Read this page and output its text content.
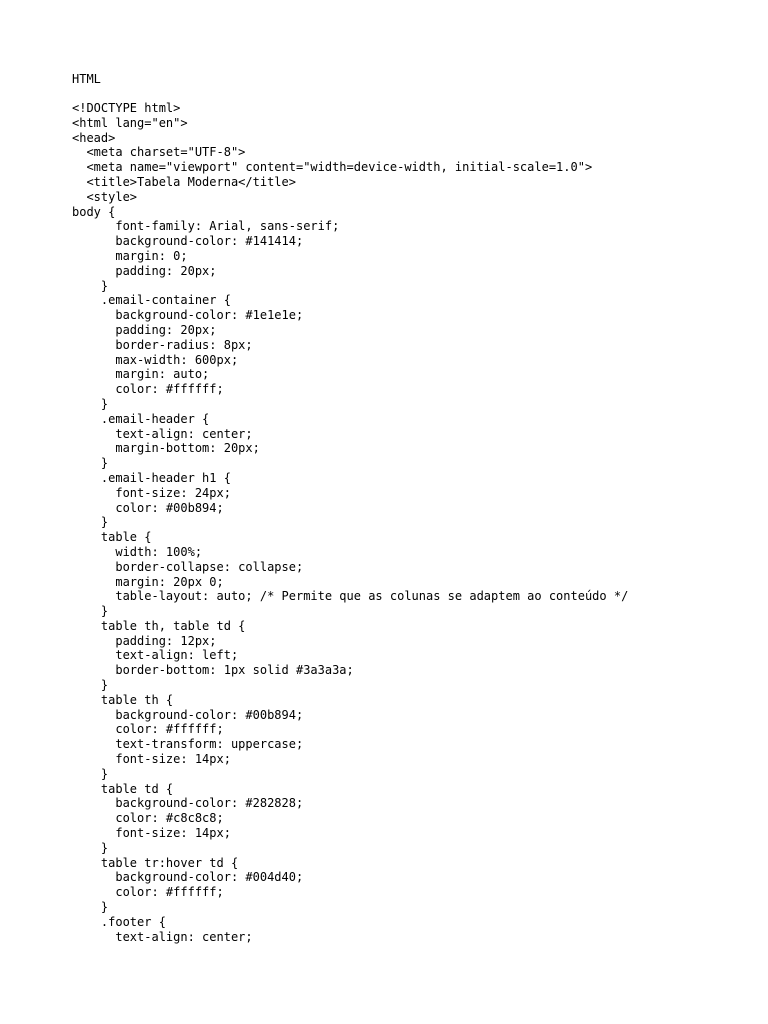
HTML
<!DOCTYPE html>
<html lang="en">
<head>
<meta charset="UTF-8">
<meta name="viewport" content="width=device-width, initial-scale=1.0">
<title>Tabela Moderna</title>
<style>
body {
font-family: Arial, sans-serif;
background-color: #141414;
margin: 0;
padding: 20px;
}
.email-container {
background-color: #1e1e1e;
padding: 20px;
border-radius: 8px;
max-width: 600px;
margin: auto;
color: #ffffff;
}
.email-header {
text-align: center;
margin-bottom: 20px;
}
.email-header h1 {
font-size: 24px;
color: #00b894;
}
table {
width: 100%;
border-collapse: collapse;
margin: 20px 0;
table-layout: auto; /* Permite que as colunas se adaptem ao conteúdo */
}
table th, table td {
padding: 12px;
text-align: left;
border-bottom: 1px solid #3a3a3a;
}
table th {
background-color: #00b894;
color: #ffffff;
text-transform: uppercase;
font-size: 14px;
}
table td {
background-color: #282828;
color: #c8c8c8;
font-size: 14px;
}
table tr:hover td {
background-color: #004d40;
color: #ffffff;
}
.footer {
text-align: center;
